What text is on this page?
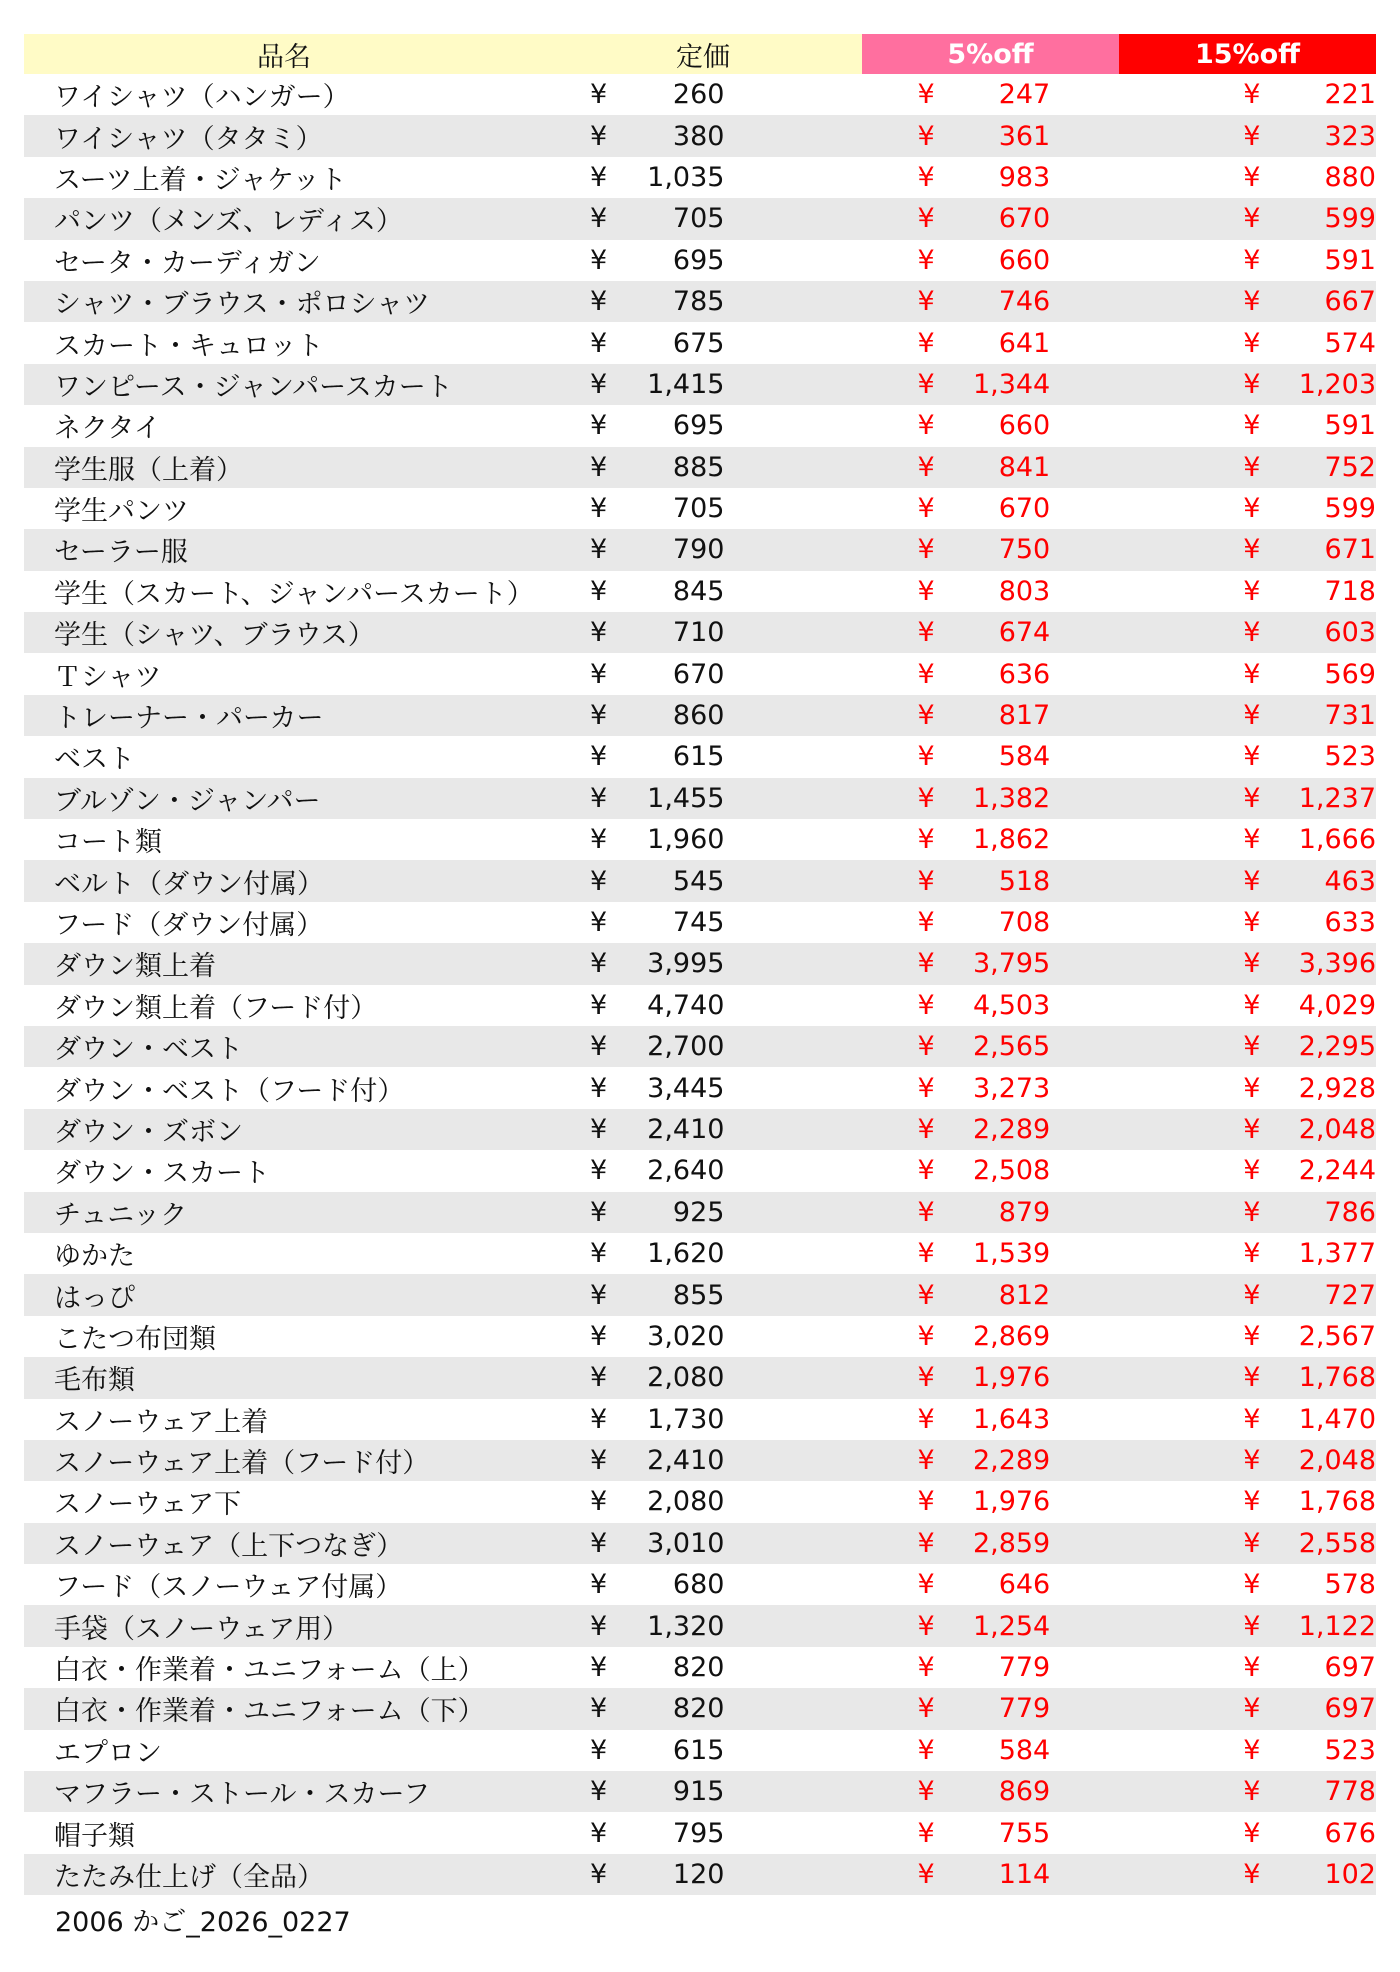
品名	定価	5%off	15%off
ワイシャツ（ハンガー）	¥	260	¥	247	¥	221
ワイシャツ（タタミ）	¥	380	¥	361	¥	323
スーツ上着・ジャケット	¥	1,035	¥	983	¥	880
パンツ（メンズ、レディス）	¥	705	¥	670	¥	599
セータ・カーディガン	¥	695	¥	660	¥	591
シャツ・ブラウス・ポロシャツ	¥	785	¥	746	¥	667
スカート・キュロット	¥	675	¥	641	¥	574
ワンピース・ジャンパースカート	¥	1,415	¥	1,344	¥	1,203
ネクタイ	¥	695	¥	660	¥	591
学生服（上着）	¥	885	¥	841	¥	752
学生パンツ	¥	705	¥	670	¥	599
セーラー服	¥	790	¥	750	¥	671
学生（スカート、ジャンパースカート）	¥	845	¥	803	¥	718
学生（シャツ、ブラウス）	¥	710	¥	674	¥	603
Ｔシャツ	¥	670	¥	636	¥	569
トレーナー・パーカー	¥	860	¥	817	¥	731
ベスト	¥	615	¥	584	¥	523
ブルゾン・ジャンパー	¥	1,455	¥	1,382	¥	1,237
コート類	¥	1,960	¥	1,862	¥	1,666
ベルト（ダウン付属）	¥	545	¥	518	¥	463
フード（ダウン付属）	¥	745	¥	708	¥	633
ダウン類上着	¥	3,995	¥	3,795	¥	3,396
ダウン類上着（フード付）	¥	4,740	¥	4,503	¥	4,029
ダウン・ベスト	¥	2,700	¥	2,565	¥	2,295
ダウン・ベスト（フード付）	¥	3,445	¥	3,273	¥	2,928
ダウン・ズボン	¥	2,410	¥	2,289	¥	2,048
ダウン・スカート	¥	2,640	¥	2,508	¥	2,244
チュニック	¥	925	¥	879	¥	786
ゆかた	¥	1,620	¥	1,539	¥	1,377
はっぴ	¥	855	¥	812	¥	727
こたつ布団類	¥	3,020	¥	2,869	¥	2,567
毛布類	¥	2,080	¥	1,976	¥	1,768
スノーウェア上着	¥	1,730	¥	1,643	¥	1,470
スノーウェア上着（フード付）	¥	2,410	¥	2,289	¥	2,048
スノーウェア下	¥	2,080	¥	1,976	¥	1,768
スノーウェア（上下つなぎ）	¥	3,010	¥	2,859	¥	2,558
フード（スノーウェア付属）	¥	680	¥	646	¥	578
手袋（スノーウェア用）	¥	1,320	¥	1,254	¥	1,122
白衣・作業着・ユニフォーム（上）	¥	820	¥	779	¥	697
白衣・作業着・ユニフォーム（下）	¥	820	¥	779	¥	697
エプロン	¥	615	¥	584	¥	523
マフラー・ストール・スカーフ	¥	915	¥	869	¥	778
帽子類	¥	795	¥	755	¥	676
たたみ仕上げ（全品）	¥	120	¥	114	¥	102
2006 かご_2026_0227
